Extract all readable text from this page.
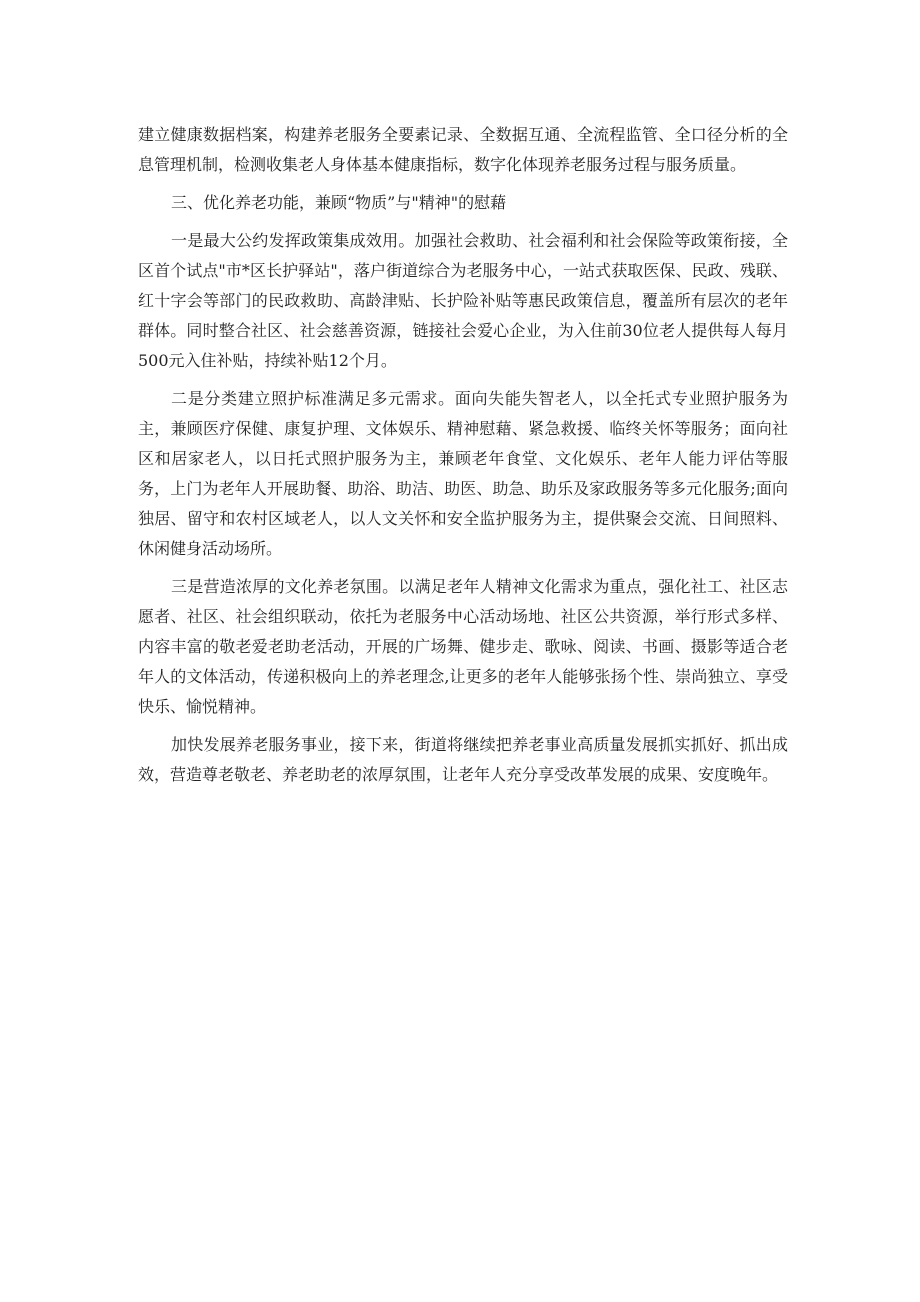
建立健康数据档案，构建养老服务全要素记录、全数据互通、全流程监管、全口径分析的全息管理机制，检测收集老人身体基本健康指标，数字化体现养老服务过程与服务质量。

三、优化养老功能，兼顾“物质”与"精神"的慰藉

一是最大公约发挥政策集成效用。加强社会救助、社会福利和社会保险等政策衔接，全区首个试点"市*区长护驿站"，落户街道综合为老服务中心，一站式获取医保、民政、残联、红十字会等部门的民政救助、高龄津贴、长护险补贴等惠民政策信息，覆盖所有层次的老年群体。同时整合社区、社会慈善资源，链接社会爱心企业，为入住前30位老人提供每人每月500元入住补贴，持续补贴12个月。

二是分类建立照护标准满足多元需求。面向失能失智老人，以全托式专业照护服务为主，兼顾医疗保健、康复护理、文体娱乐、精神慰藉、紧急救援、临终关怀等服务；面向社区和居家老人，以日托式照护服务为主，兼顾老年食堂、文化娱乐、老年人能力评估等服务，上门为老年人开展助餐、助浴、助洁、助医、助急、助乐及家政服务等多元化服务;面向独居、留守和农村区域老人，以人文关怀和安全监护服务为主，提供聚会交流、日间照料、休闲健身活动场所。

三是营造浓厚的文化养老氛围。以满足老年人精神文化需求为重点，强化社工、社区志愿者、社区、社会组织联动，依托为老服务中心活动场地、社区公共资源，举行形式多样、内容丰富的敬老爱老助老活动，开展的广场舞、健步走、歌咏、阅读、书画、摄影等适合老年人的文体活动，传递积极向上的养老理念,让更多的老年人能够张扬个性、崇尚独立、享受快乐、愉悦精神。

加快发展养老服务事业，接下来，街道将继续把养老事业高质量发展抓实抓好、抓出成效，营造尊老敬老、养老助老的浓厚氛围，让老年人充分享受改革发展的成果、安度晚年。
